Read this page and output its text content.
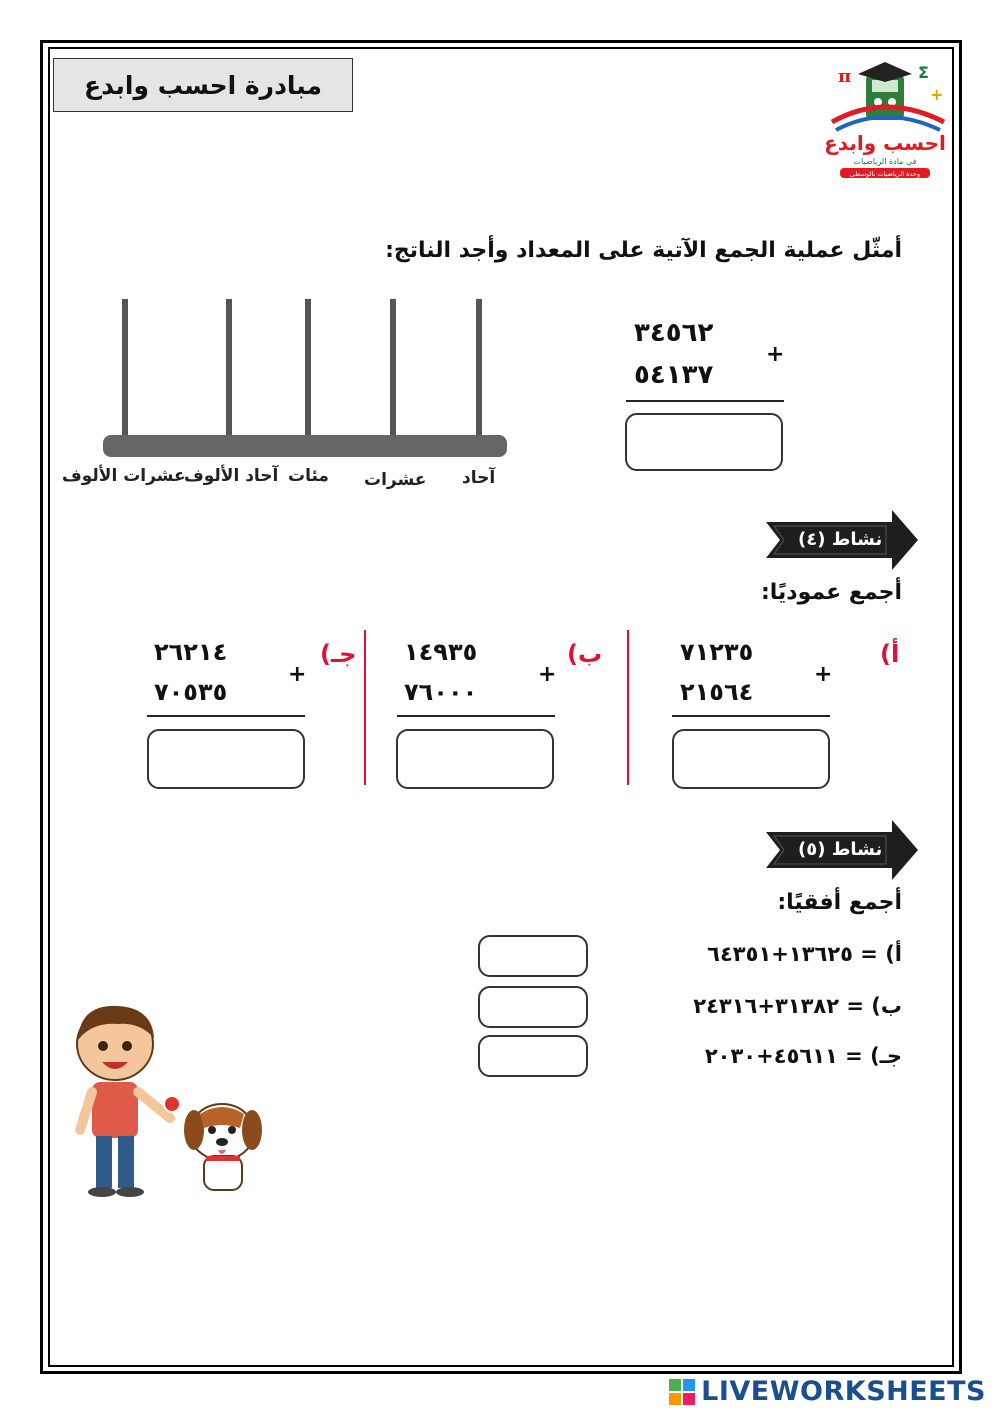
مبادرة احسب وابدع	π	Σ
+
احسب وابدع
في مادة الرياضيات
وحدة الرياضيات بالوسطى
أمثّل عملية الجمع الآتية على المعداد وأجد الناتج:
آحاد
عشرات
مئات
آحاد الألوف
عشرات الألوف
٣٤٥٦٢
٥٤١٣٧
+
نشاط (٤)
أجمع عموديًا:
أ)
٧١٢٣٥
٢١٥٦٤
+
ب)
١٤٩٣٥
٧٦٠٠٠
+
جـ)
٢٦٢١٤
٧٠٥٣٥
+
نشاط (٥)
أجمع أفقيًا:
أ) ١٣٦٢٥+٦٤٣٥١ =
ب) ٣١٣٨٢+٢٤٣١٦ =
جـ) ٤٥٦١١+٢٠٣٠ =
LIVEWORKSHEETS
